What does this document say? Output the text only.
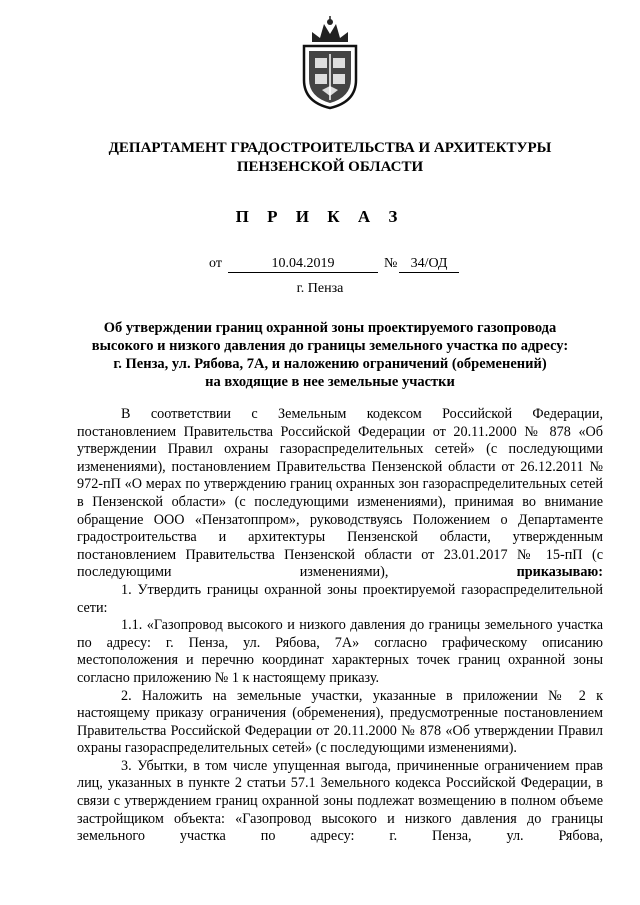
ДЕПАРТАМЕНТ ГРАДОСТРОИТЕЛЬСТВА И АРХИТЕКТУРЫ
ПЕНЗЕНСКОЙ ОБЛАСТИ
П Р И К А З
от	10.04.2019	№ 34/ОД
г. Пенза
Об утверждении границ охранной зоны проектируемого газопровода
высокого и низкого давления до границы земельного участка по адресу:
г. Пенза, ул. Рябова, 7А, и наложению ограничений (обременений)
на входящие в нее земельные участки

В соответствии с Земельным кодексом Российской Федерации, постановлением Правительства Российской Федерации от 20.11.2000 № 878 «Об утверждении Правил охраны газораспределительных сетей» (с последующими изменениями), постановлением Правительства Пензенской области от 26.12.2011 № 972-пП «О мерах по утверждению границ охранных зон газораспределительных сетей в Пензенской области» (с последующими изменениями), принимая во внимание обращение ООО «Пензатоппром», руководствуясь Положением о Департаменте градостроительства и архитектуры Пензенской области, утвержденным постановлением Правительства Пензенской области от 23.01.2017 № 15-пП (с последующими изменениями),	приказываю:

1. Утвердить границы охранной зоны проектируемой газораспределительной сети:

1.1. «Газопровод высокого и низкого давления до границы земельного участка по адресу: г. Пенза, ул. Рябова, 7А» согласно графическому описанию местоположения и перечню координат характерных точек границ охранной зоны согласно приложению № 1 к настоящему приказу.

2. Наложить на земельные участки, указанные в приложении № 2 к настоящему приказу ограничения (обременения), предусмотренные постановлением Правительства Российской Федерации от 20.11.2000 № 878 «Об утверждении Правил охраны газораспределительных сетей» (с последующими изменениями).

3. Убытки, в том числе упущенная выгода, причиненные ограничением прав лиц, указанных в пункте 2 статьи 57.1 Земельного кодекса Российской Федерации, в связи с утверждением границ охранной зоны подлежат возмещению в полном объеме застройщиком объекта: «Газопровод высокого и низкого давления до границы земельного участка по адресу: г. Пенза, ул. Рябова,
